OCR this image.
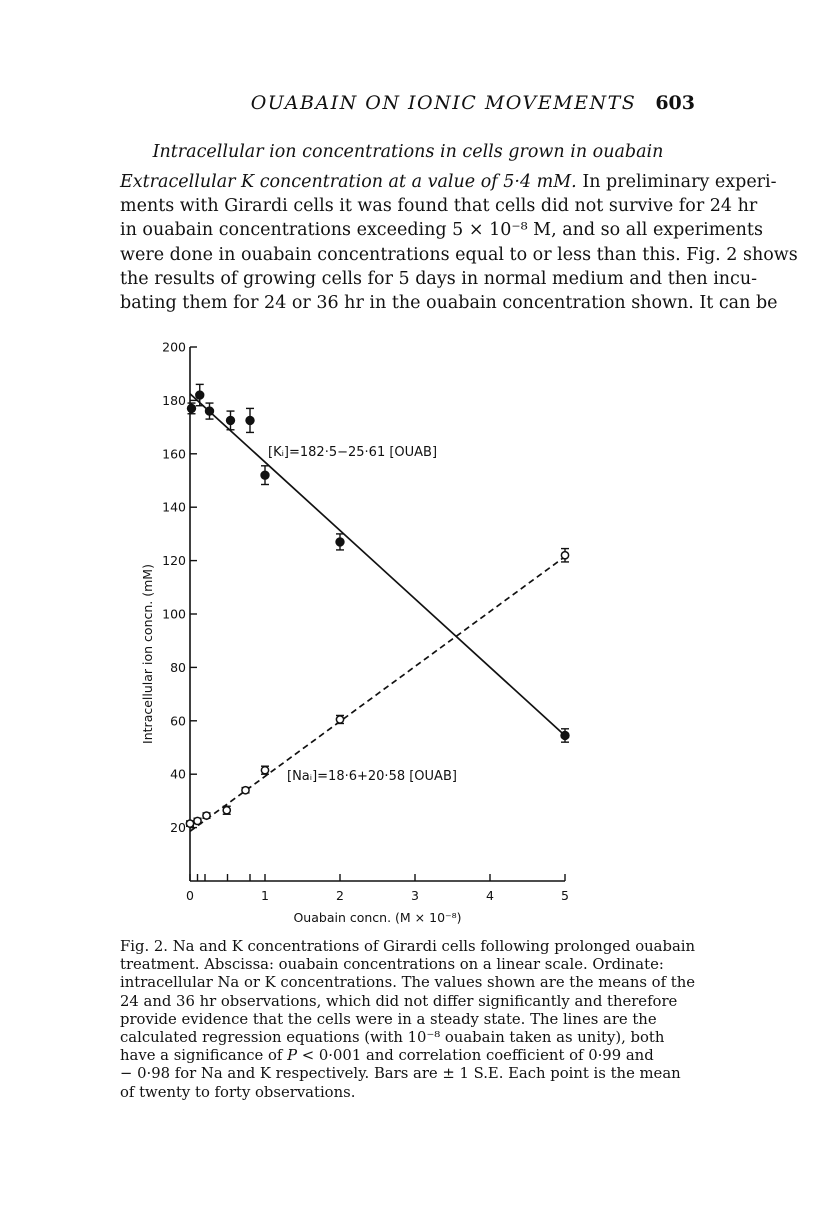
OUABAIN ON IONIC MOVEMENTS	603
Intracellular ion concentrations in cells grown in ouabain
Extracellular K concentration at a value of 5·4 mM. In preliminary experi-
ments with Girardi cells it was found that cells did not survive for 24 hr
in ouabain concentrations exceeding 5 × 10⁻⁸ M, and so all experiments
were done in ouabain concentrations equal to or less than this. Fig. 2 shows
the results of growing cells for 5 days in normal medium and then incu-
bating them for 24 or 36 hr in the ouabain concentration shown. It can be
20
40
60
80
100
120
140
160
180
200
0	1	2	3	4	5
Ouabain concn. (M × 10⁻⁸)
Intracellular ion concn. (mM)
[Kᵢ]=182·5−25·61 [OUAB]
[Naᵢ]=18·6+20·58 [OUAB]
Fig. 2. Na and K concentrations of Girardi cells following prolonged ouabain
treatment. Abscissa: ouabain concentrations on a linear scale. Ordinate:
intracellular Na or K concentrations. The values shown are the means of the
24 and 36 hr observations, which did not differ significantly and therefore
provide evidence that the cells were in a steady state. The lines are the
calculated regression equations (with 10⁻⁸ ouabain taken as unity), both
have a significance of P < 0·001 and correlation coefficient of 0·99 and
− 0·98 for Na and K respectively. Bars are ± 1 S.E. Each point is the mean
of twenty to forty observations.
